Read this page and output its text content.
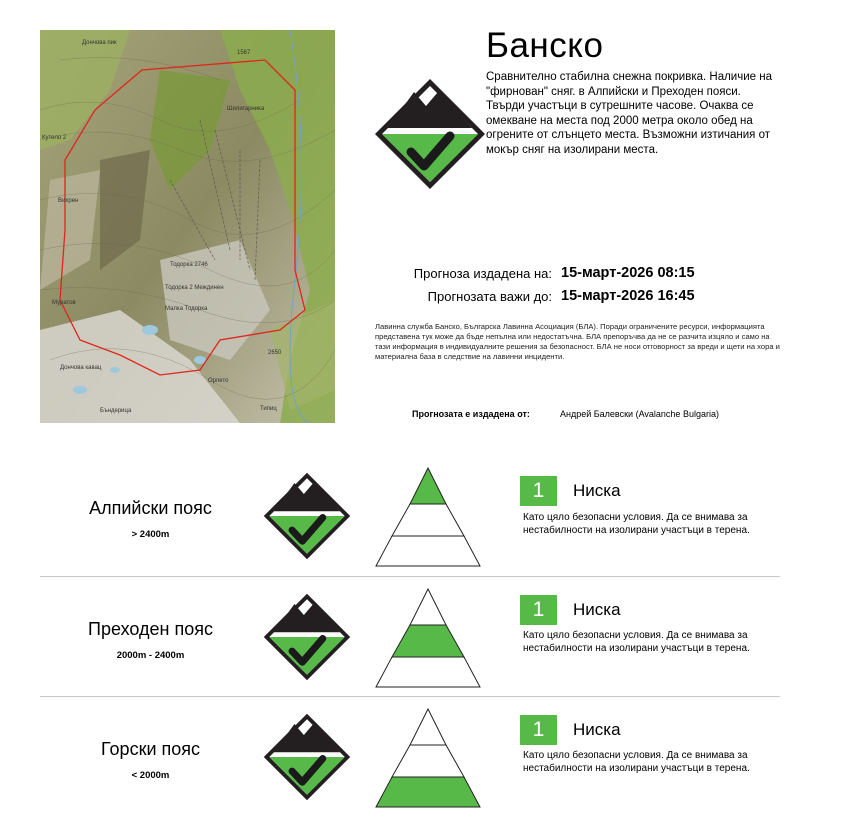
Дончова пик
Тодорка 2746
Тодорка 2 Междинен
Малка Тодорка
Шилигарника
Вихрен
Муратов
Дончова кавац
Бъндерица
Орлето
Типиц
1567
2650
Кутело 2
Банско
Сравнително стабилна снежна покривка. Наличие на "фирнован" сняг. в Алпийски и Преходен пояси. Твърди участъци в сутрешните часове. Очаква се омекване на места под 2000 метра около обед на огрените от слънцето места. Възможни изтичания от мокър сняг на изолирани места.
Прогноза издадена на: 15-март-2026 08:15
Прогнозата важи до: 15-март-2026 16:45
Лавинна служба Банско, Българска Лавинна Асоциация (БЛА). Поради ограничените ресурси, информацията представена тук може да бъде непълна или недостатъчна. БЛА препоръчва да не се разчита изцяло и само на тази информация в индивидуалните решения за безопасност. БЛА не носи отговорност за вреди и щети на хора и материална база в следствие на лавинни инциденти.
Прогнозата е издадена от:	Андрей Балевски (Avalanche Bulgaria)
Алпийски пояс
> 2400m
1	Ниска
Като цяло безопасни условия. Да се внимава за нестабилности на изолирани участъци в терена.
Преходен пояс
2000m - 2400m
1	Ниска
Като цяло безопасни условия. Да се внимава за нестабилности на изолирани участъци в терена.
Горски пояс
< 2000m
1	Ниска
Като цяло безопасни условия. Да се внимава за нестабилности на изолирани участъци в терена.
